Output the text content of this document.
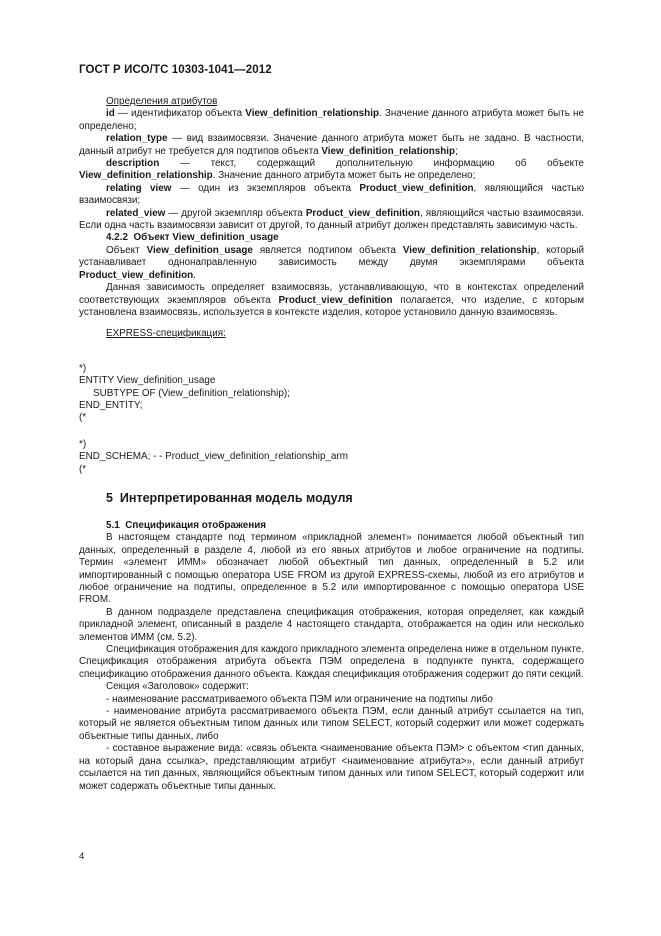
ГОСТ Р ИСО/ТС 10303-1041—2012

Определения атрибутов

id — идентификатор объекта View_definition_relationship. Значение данного атрибута может быть не определено;

relation_type — вид взаимосвязи. Значение данного атрибута может быть не задано. В частности, данный атрибут не требуется для подтипов объекта View_definition_relationship;

description — текст, содержащий дополнительную информацию об объекте View_definition_relationship. Значение данного атрибута может быть не определено;

relating view — один из экземпляров объекта Product_view_definition, являющийся частью взаимосвязи;

related_view — другой экземпляр объекта Product_view_definition, являющийся частью взаимосвязи. Если одна часть взаимосвязи зависит от другой, то данный атрибут должен представлять зависимую часть.

4.2.2 Объект View_definition_usage

Объект View_definition_usage является подтипом объекта View_definition_relationship, который устанавливает однонаправленную зависимость между двумя экземплярами объекта Product_view_definition.

Данная зависимость определяет взаимосвязь, устанавливающую, что в контекстах определений соответствующих экземпляров объекта Product_view_definition полагается, что изделие, с которым установлена взаимосвязь, используется в контексте изделия, которое установило данную взаимосвязь.

EXPRESS-спецификация:

*)

ENTITY View_definition_usage

SUBTYPE OF (View_definition_relationship);

END_ENTITY;

(*

*)

END_SCHEMA; - - Product_view_definition_relationship_arm

(*

5 Интерпретированная модель модуля

5.1 Спецификация отображения

В настоящем стандарте под термином «прикладной элемент» понимается любой объектный тип данных, определенный в разделе 4, любой из его явных атрибутов и любое ограничение на подтипы. Термин «элемент ИММ» обозначает любой объектный тип данных, определенный в 5.2 или импортированный с помощью оператора USE FROM из другой EXPRESS-схемы, любой из его атрибутов и любое ограничение на подтипы, определенное в 5.2 или импортированное с помощью оператора USE FROM.

В данном подразделе представлена спецификация отображения, которая определяет, как каждый прикладной элемент, описанный в разделе 4 настоящего стандарта, отображается на один или несколько элементов ИММ (см. 5.2).

Спецификация отображения для каждого прикладного элемента определена ниже в отдельном пункте. Спецификация отображения атрибута объекта ПЭМ определена в подпункте пункта, содержащего спецификацию отображения данного объекта. Каждая спецификация отображения содержит до пяти секций.

Секция «Заголовок» содержит:

- наименование рассматриваемого объекта ПЭМ или ограничение на подтипы либо

- наименование атрибута рассматриваемого объекта ПЭМ, если данный атрибут ссылается на тип, который не является объектным типом данных или типом SELECT, который содержит или может содержать объектные типы данных, либо

- составное выражение вида: «связь объекта <наименование объекта ПЭМ> с объектом <тип данных, на который дана ссылка>, представляющим атрибут <наименование атрибута>», если данный атрибут ссылается на тип данных, являющийся объектным типом данных или типом SELECT, который содержит или может содержать объектные типы данных.

4
